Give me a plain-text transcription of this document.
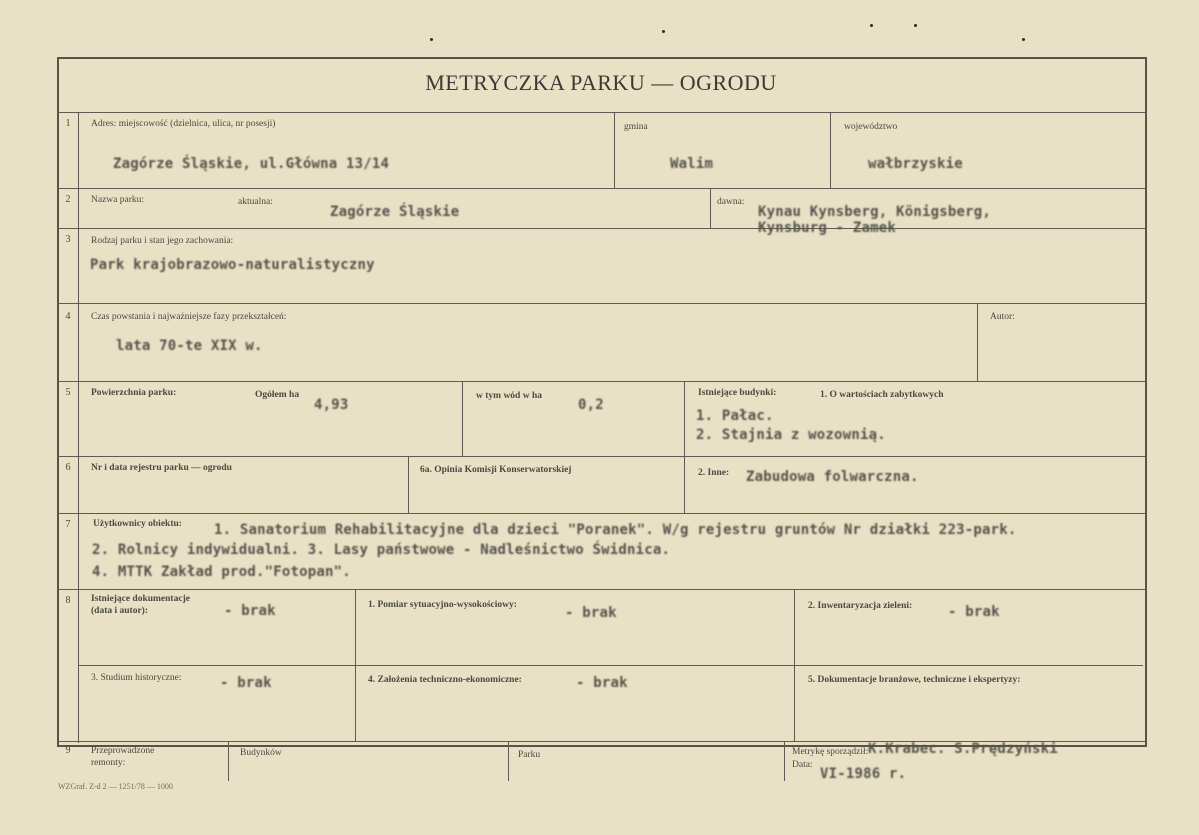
METRYCZKA PARKU — OGRODU
1	Adres: miejscowość (dzielnica, ulica, nr posesji)	gmina	województwo
Zagórze Śląskie, ul.Główna 13/14	Walim	wałbrzyskie
2	Nazwa parku:	aktualna:
Zagórze Śląskie
dawna:
Kynau Kynsberg, Königsberg,
Kynsburg - Zamek
3	Rodzaj parku i stan jego zachowania:
Park krajobrazowo-naturalistyczny
4	Czas powstania i najważniejsze fazy przekształceń:	Autor:
lata 70-te XIX w.
5	Powierzchnia parku:	Ogółem ha
4,93
w tym wód w ha
0,2
Istniejące budynki:	1. O wartościach zabytkowych
1. Pałac.
2. Stajnia z wozownią.
6	Nr i data rejestru parku — ogrodu	6a. Opinia Komisji Konserwatorskiej	2. Inne: Zabudowa folwarczna.
7	Użytkownicy obiektu: 1. Sanatorium Rehabilitacyjne dla dzieci "Poranek". W/g rejestru gruntów Nr działki 223-park.
2. Rolnicy indywidualni. 3. Lasy państwowe - Nadleśnictwo Świdnica.
4. MTTK Zakład prod."Fotopan".
8	Istniejące dokumentacje
(data i autor):	- brak	1. Pomiar sytuacyjno-wysokościowy:	- brak	2. Inwentaryzacja zieleni:	- brak
3. Studium historyczne:	- brak	4. Założenia techniczno-ekonomiczne:	- brak	5. Dokumentacje branżowe, techniczne i ekspertyzy:
9	Przeprowadzone
remonty:
Budynków	Parku	Metrykę sporządził: K.Krabec. S.Prędzyński
Data:
VI-1986 r.
WZGraf. Z-d 2 — 1251/78 — 1000
